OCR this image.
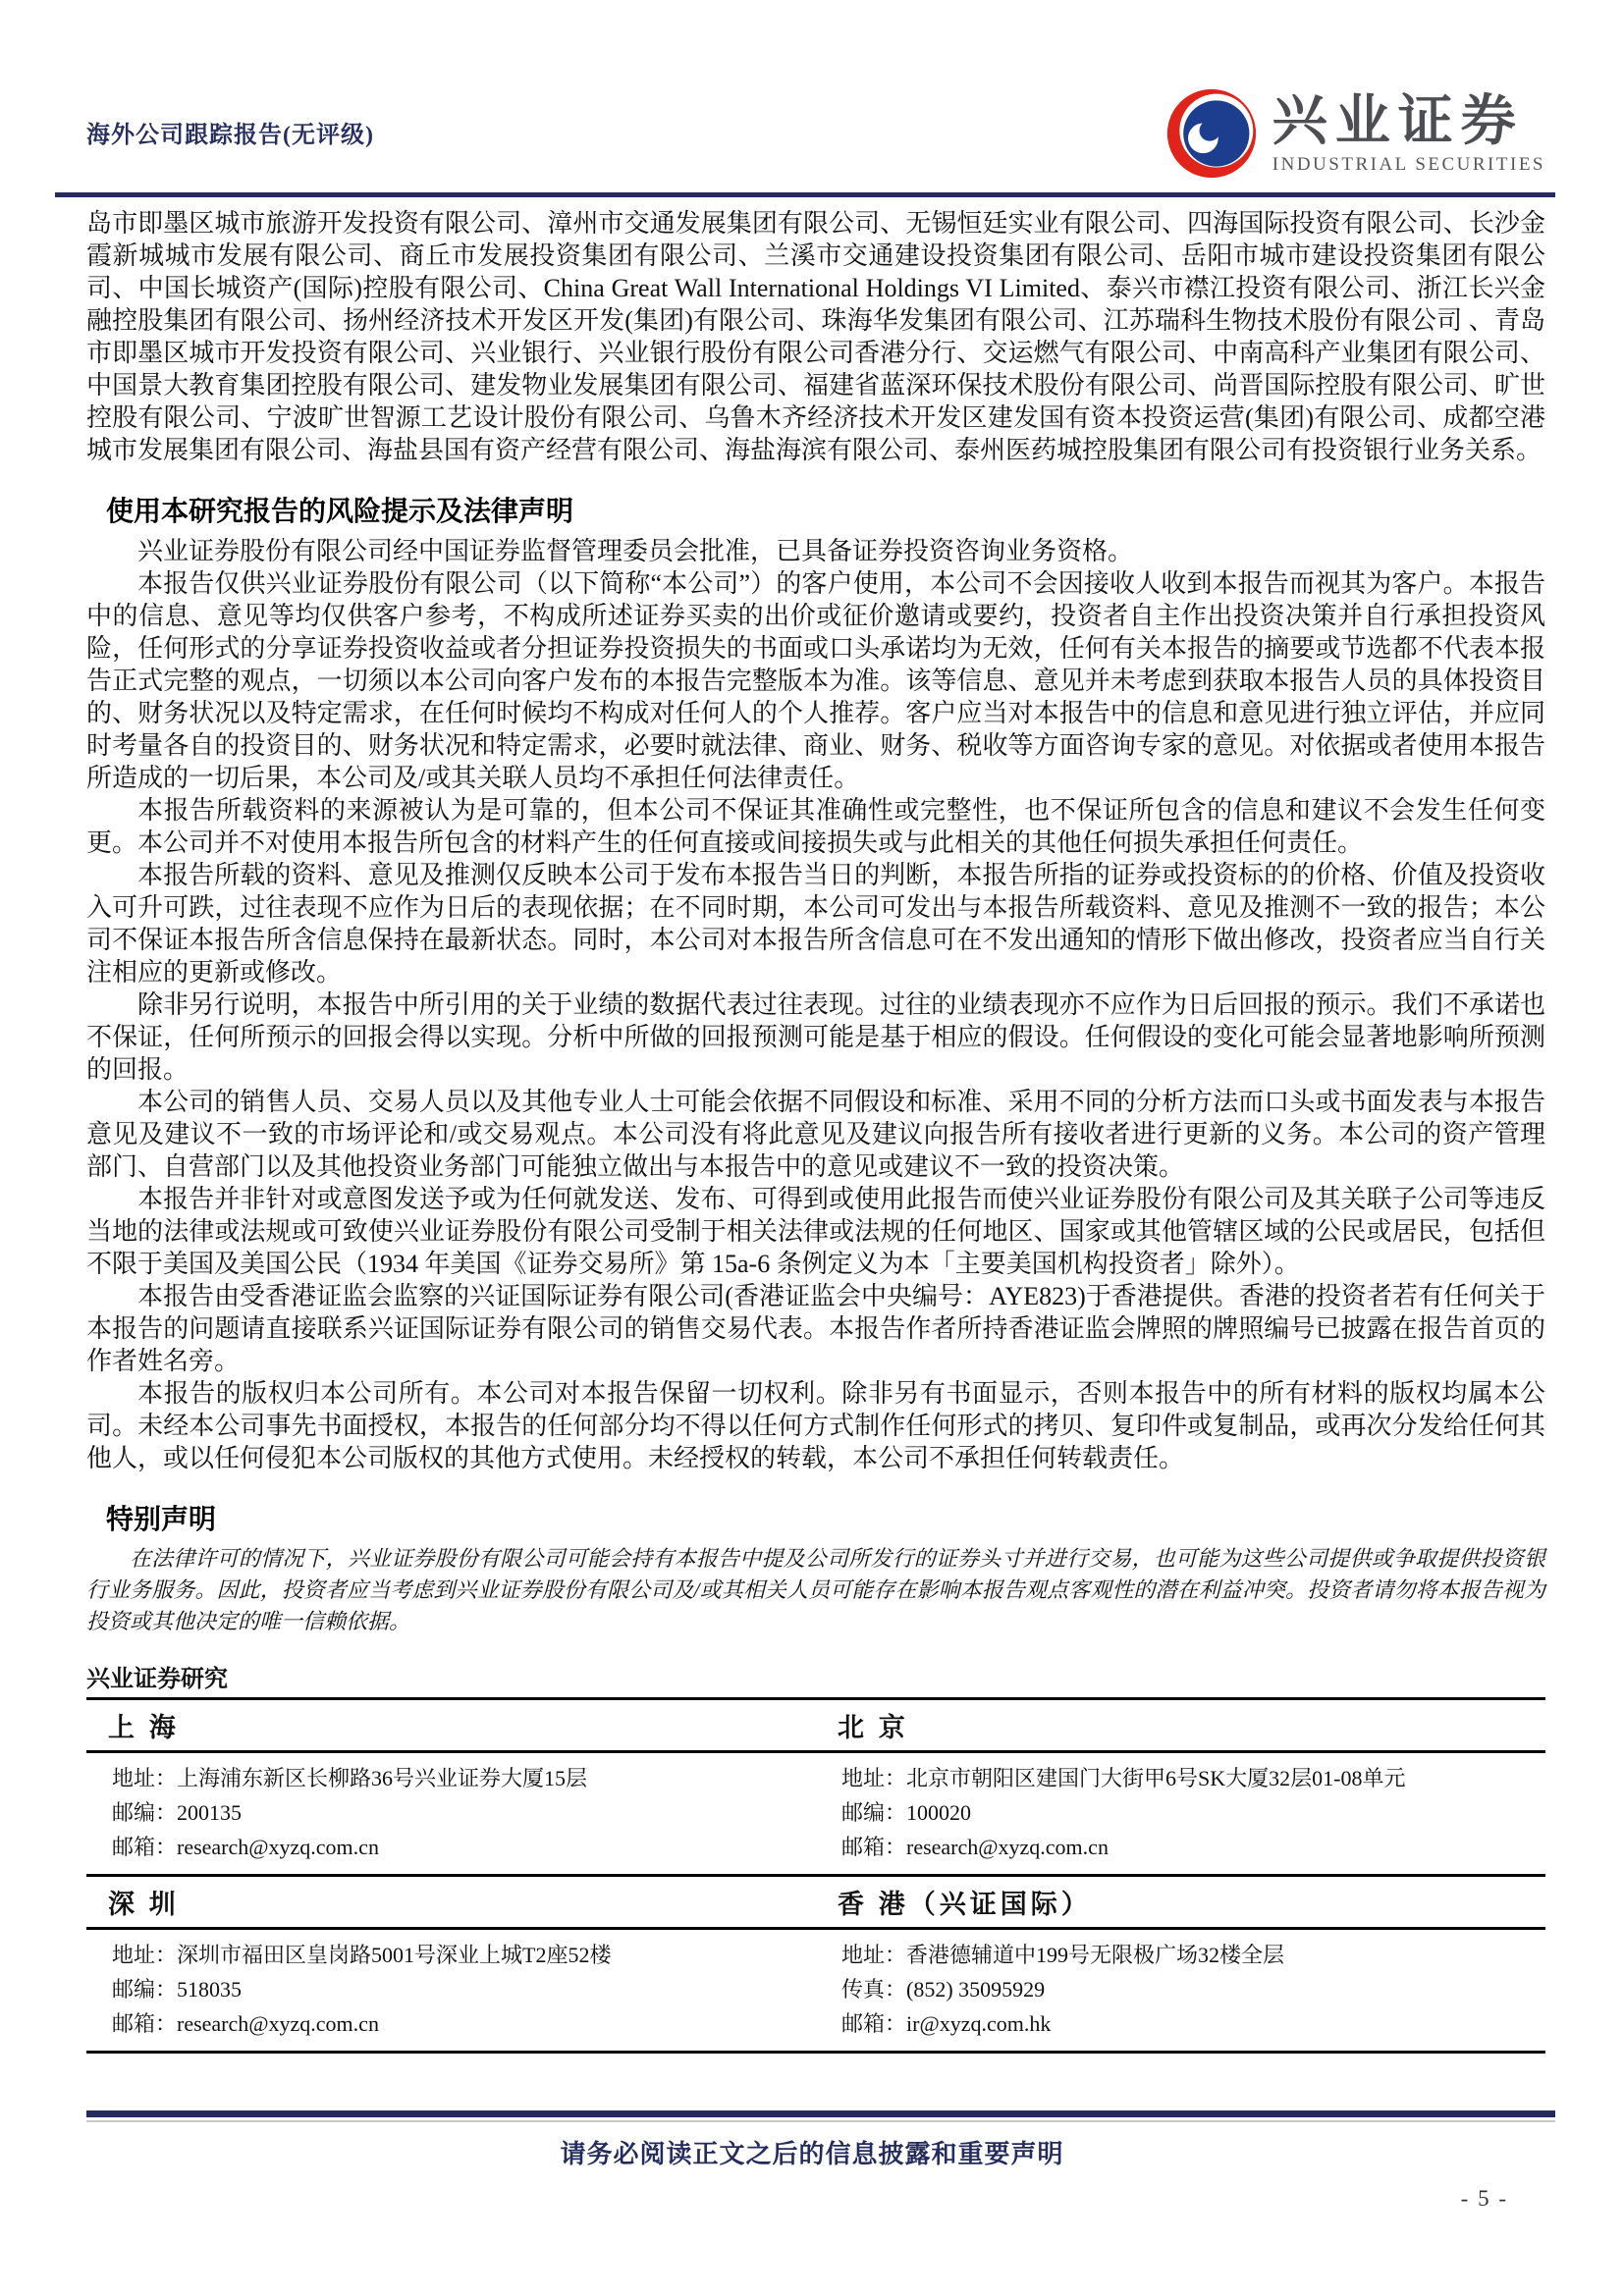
海外公司跟踪报告(无评级)	兴业证券
INDUSTRIAL SECURITIES

岛市即墨区城市旅游开发投资有限公司、漳州市交通发展集团有限公司、无锡恒廷实业有限公司、四海国际投资有限公司、长沙金霞新城城市发展有限公司、商丘市发展投资集团有限公司、兰溪市交通建设投资集团有限公司、岳阳市城市建设投资集团有限公司、中国长城资产(国际)控股有限公司、China Great Wall International Holdings VI Limited、泰兴市襟江投资有限公司、浙江长兴金融控股集团有限公司、扬州经济技术开发区开发(集团)有限公司、珠海华发集团有限公司、江苏瑞科生物技术股份有限公司 、青岛市即墨区城市开发投资有限公司、兴业银行、兴业银行股份有限公司香港分行、交运燃气有限公司、中南高科产业集团有限公司、中国景大教育集团控股有限公司、建发物业发展集团有限公司、福建省蓝深环保技术股份有限公司、尚晋国际控股有限公司、旷世控股有限公司、宁波旷世智源工艺设计股份有限公司、乌鲁木齐经济技术开发区建发国有资本投资运营(集团)有限公司、成都空港城市发展集团有限公司、海盐县国有资产经营有限公司、海盐海滨有限公司、泰州医药城控股集团有限公司有投资银行业务关系。

使用本研究报告的风险提示及法律声明

兴业证券股份有限公司经中国证券监督管理委员会批准，已具备证券投资咨询业务资格。

本报告仅供兴业证券股份有限公司（以下简称“本公司”）的客户使用，本公司不会因接收人收到本报告而视其为客户。本报告中的信息、意见等均仅供客户参考，不构成所述证券买卖的出价或征价邀请或要约，投资者自主作出投资决策并自行承担投资风险，任何形式的分享证券投资收益或者分担证券投资损失的书面或口头承诺均为无效，任何有关本报告的摘要或节选都不代表本报告正式完整的观点，一切须以本公司向客户发布的本报告完整版本为准。该等信息、意见并未考虑到获取本报告人员的具体投资目的、财务状况以及特定需求，在任何时候均不构成对任何人的个人推荐。客户应当对本报告中的信息和意见进行独立评估，并应同时考量各自的投资目的、财务状况和特定需求，必要时就法律、商业、财务、税收等方面咨询专家的意见。对依据或者使用本报告所造成的一切后果，本公司及/或其关联人员均不承担任何法律责任。

本报告所载资料的来源被认为是可靠的，但本公司不保证其准确性或完整性，也不保证所包含的信息和建议不会发生任何变更。本公司并不对使用本报告所包含的材料产生的任何直接或间接损失或与此相关的其他任何损失承担任何责任。

本报告所载的资料、意见及推测仅反映本公司于发布本报告当日的判断，本报告所指的证券或投资标的的价格、价值及投资收入可升可跌，过往表现不应作为日后的表现依据；在不同时期，本公司可发出与本报告所载资料、意见及推测不一致的报告；本公司不保证本报告所含信息保持在最新状态。同时，本公司对本报告所含信息可在不发出通知的情形下做出修改，投资者应当自行关注相应的更新或修改。

除非另行说明，本报告中所引用的关于业绩的数据代表过往表现。过往的业绩表现亦不应作为日后回报的预示。我们不承诺也不保证，任何所预示的回报会得以实现。分析中所做的回报预测可能是基于相应的假设。任何假设的变化可能会显著地影响所预测的回报。

本公司的销售人员、交易人员以及其他专业人士可能会依据不同假设和标准、采用不同的分析方法而口头或书面发表与本报告意见及建议不一致的市场评论和/或交易观点。本公司没有将此意见及建议向报告所有接收者进行更新的义务。本公司的资产管理部门、自营部门以及其他投资业务部门可能独立做出与本报告中的意见或建议不一致的投资决策。

本报告并非针对或意图发送予或为任何就发送、发布、可得到或使用此报告而使兴业证券股份有限公司及其关联子公司等违反当地的法律或法规或可致使兴业证券股份有限公司受制于相关法律或法规的任何地区、国家或其他管辖区域的公民或居民，包括但不限于美国及美国公民（1934 年美国《证券交易所》第 15a-6 条例定义为本「主要美国机构投资者」除外）。

本报告由受香港证监会监察的兴证国际证券有限公司(香港证监会中央编号：AYE823)于香港提供。香港的投资者若有任何关于本报告的问题请直接联系兴证国际证券有限公司的销售交易代表。本报告作者所持香港证监会牌照的牌照编号已披露在报告首页的作者姓名旁。

本报告的版权归本公司所有。本公司对本报告保留一切权利。除非另有书面显示，否则本报告中的所有材料的版权均属本公司。未经本公司事先书面授权，本报告的任何部分均不得以任何方式制作任何形式的拷贝、复印件或复制品，或再次分发给任何其他人，或以任何侵犯本公司版权的其他方式使用。未经授权的转载，本公司不承担任何转载责任。

特别声明

在法律许可的情况下，兴业证券股份有限公司可能会持有本报告中提及公司所发行的证券头寸并进行交易，也可能为这些公司提供或争取提供投资银行业务服务。因此，投资者应当考虑到兴业证券股份有限公司及/或其相关人员可能存在影响本报告观点客观性的潜在利益冲突。投资者请勿将本报告视为投资或其他决定的唯一信赖依据。

兴业证券研究
上 海	北 京

地址：上海浦东新区长柳路36号兴业证券大厦15层
邮编：200135
邮箱：research@xyzq.com.cn

地址：北京市朝阳区建国门大街甲6号SK大厦32层01-08单元
邮编：100020
邮箱：research@xyzq.com.cn

深 圳	香 港（兴证国际）

地址：深圳市福田区皇岗路5001号深业上城T2座52楼
邮编：518035
邮箱：research@xyzq.com.cn

地址：香港德辅道中199号无限极广场32楼全层
传真：(852) 35095929
邮箱：ir@xyzq.com.hk
请务必阅读正文之后的信息披露和重要声明
- 5 -
